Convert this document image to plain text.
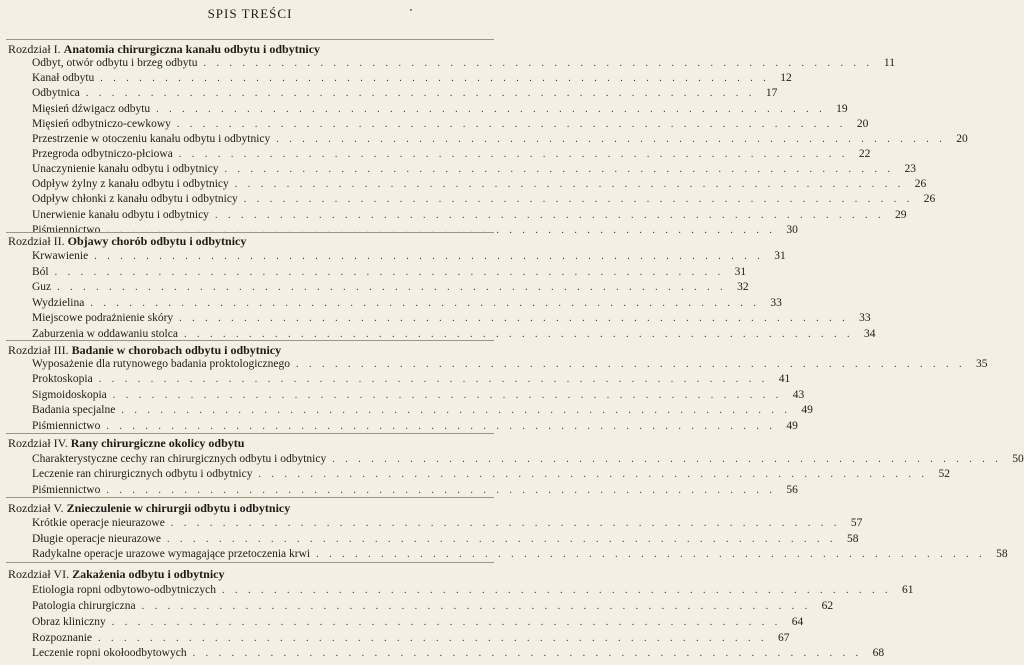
SPIS TREŚCI
Rozdział I. Anatomia chirurgiczna kanału odbytu i odbytnicy
Odbyt, otwór odbytu i brzeg odbytu . . . . . . . . . . . . . . . . . . . . . . . . . . . . . . . . . . . . . . . . . . . . . . . . . . . . 11
Kanał odbytu . . . . . . . . . . . . . . . . . . . . . . . . . . . . . . . . . . . . . . . . . . . . . . . . . . . . 12
Odbytnica . . . . . . . . . . . . . . . . . . . . . . . . . . . . . . . . . . . . . . . . . . . . . . . . . . . . 17
Mięsień dźwigacz odbytu . . . . . . . . . . . . . . . . . . . . . . . . . . . . . . . . . . . . . . . . . . . . . . . . . . . . 19
Mięsień odbytniczo-cewkowy . . . . . . . . . . . . . . . . . . . . . . . . . . . . . . . . . . . . . . . . . . . . . . . . . . . . 20
Przestrzenie w otoczeniu kanału odbytu i odbytnicy . . . . . . . . . . . . . . . . . . . . . . . . . . . . . . . . . . . . . . . . . . . . . . . . . . . . 20
Przegroda odbytniczo-płciowa . . . . . . . . . . . . . . . . . . . . . . . . . . . . . . . . . . . . . . . . . . . . . . . . . . . . 22
Unaczynienie kanału odbytu i odbytnicy . . . . . . . . . . . . . . . . . . . . . . . . . . . . . . . . . . . . . . . . . . . . . . . . . . . . 23
Odpływ żylny z kanału odbytu i odbytnicy . . . . . . . . . . . . . . . . . . . . . . . . . . . . . . . . . . . . . . . . . . . . . . . . . . . . 26
Odpływ chłonki z kanału odbytu i odbytnicy . . . . . . . . . . . . . . . . . . . . . . . . . . . . . . . . . . . . . . . . . . . . . . . . . . . . 26
Unerwienie kanału odbytu i odbytnicy . . . . . . . . . . . . . . . . . . . . . . . . . . . . . . . . . . . . . . . . . . . . . . . . . . . . 29
Piśmiennictwo . . . . . . . . . . . . . . . . . . . . . . . . . . . . . . . . . . . . . . . . . . . . . . . . . . . . 30
Rozdział II. Objawy chorób odbytu i odbytnicy
Krwawienie . . . . . . . . . . . . . . . . . . . . . . . . . . . . . . . . . . . . . . . . . . . . . . . . . . . . 31
Ból . . . . . . . . . . . . . . . . . . . . . . . . . . . . . . . . . . . . . . . . . . . . . . . . . . . . 31
Guz . . . . . . . . . . . . . . . . . . . . . . . . . . . . . . . . . . . . . . . . . . . . . . . . . . . . 32
Wydzielina . . . . . . . . . . . . . . . . . . . . . . . . . . . . . . . . . . . . . . . . . . . . . . . . . . . . 33
Miejscowe podrażnienie skóry . . . . . . . . . . . . . . . . . . . . . . . . . . . . . . . . . . . . . . . . . . . . . . . . . . . . 33
Zaburzenia w oddawaniu stolca . . . . . . . . . . . . . . . . . . . . . . . . . . . . . . . . . . . . . . . . . . . . . . . . . . . . 34
Rozdział III. Badanie w chorobach odbytu i odbytnicy
Wyposażenie dla rutynowego badania proktologicznego . . . . . . . . . . . . . . . . . . . . . . . . . . . . . . . . . . . . . . . . . . . . . . . . . . . . 35
Proktoskopia . . . . . . . . . . . . . . . . . . . . . . . . . . . . . . . . . . . . . . . . . . . . . . . . . . . . 41
Sigmoidoskopia . . . . . . . . . . . . . . . . . . . . . . . . . . . . . . . . . . . . . . . . . . . . . . . . . . . . 43
Badania specjalne . . . . . . . . . . . . . . . . . . . . . . . . . . . . . . . . . . . . . . . . . . . . . . . . . . . . 49
Piśmiennictwo . . . . . . . . . . . . . . . . . . . . . . . . . . . . . . . . . . . . . . . . . . . . . . . . . . . . 49
Rozdział IV. Rany chirurgiczne okolicy odbytu
Charakterystyczne cechy ran chirurgicznych odbytu i odbytnicy . . . . . . . . . . . . . . . . . . . . . . . . . . . . . . . . . . . . . . . . . . . . . . . . . . . . 50
Leczenie ran chirurgicznych odbytu i odbytnicy . . . . . . . . . . . . . . . . . . . . . . . . . . . . . . . . . . . . . . . . . . . . . . . . . . . . 52
Piśmiennictwo . . . . . . . . . . . . . . . . . . . . . . . . . . . . . . . . . . . . . . . . . . . . . . . . . . . . 56
Rozdział V. Znieczulenie w chirurgii odbytu i odbytnicy
Krótkie operacje nieurazowe . . . . . . . . . . . . . . . . . . . . . . . . . . . . . . . . . . . . . . . . . . . . . . . . . . . . 57
Długie operacje nieurazowe . . . . . . . . . . . . . . . . . . . . . . . . . . . . . . . . . . . . . . . . . . . . . . . . . . . . 58
Radykalne operacje urazowe wymagające przetoczenia krwi . . . . . . . . . . . . . . . . . . . . . . . . . . . . . . . . . . . . . . . . . . . . . . . . . . . . 58
Rozdział VI. Zakażenia odbytu i odbytnicy
Etiologia ropni odbytowo-odbytniczych . . . . . . . . . . . . . . . . . . . . . . . . . . . . . . . . . . . . . . . . . . . . . . . . . . . . 61
Patologia chirurgiczna . . . . . . . . . . . . . . . . . . . . . . . . . . . . . . . . . . . . . . . . . . . . . . . . . . . . 62
Obraz kliniczny . . . . . . . . . . . . . . . . . . . . . . . . . . . . . . . . . . . . . . . . . . . . . . . . . . . . 64
Rozpoznanie . . . . . . . . . . . . . . . . . . . . . . . . . . . . . . . . . . . . . . . . . . . . . . . . . . . . 67
Leczenie ropni okołoodbytowych . . . . . . . . . . . . . . . . . . . . . . . . . . . . . . . . . . . . . . . . . . . . . . . . . . . . 68
